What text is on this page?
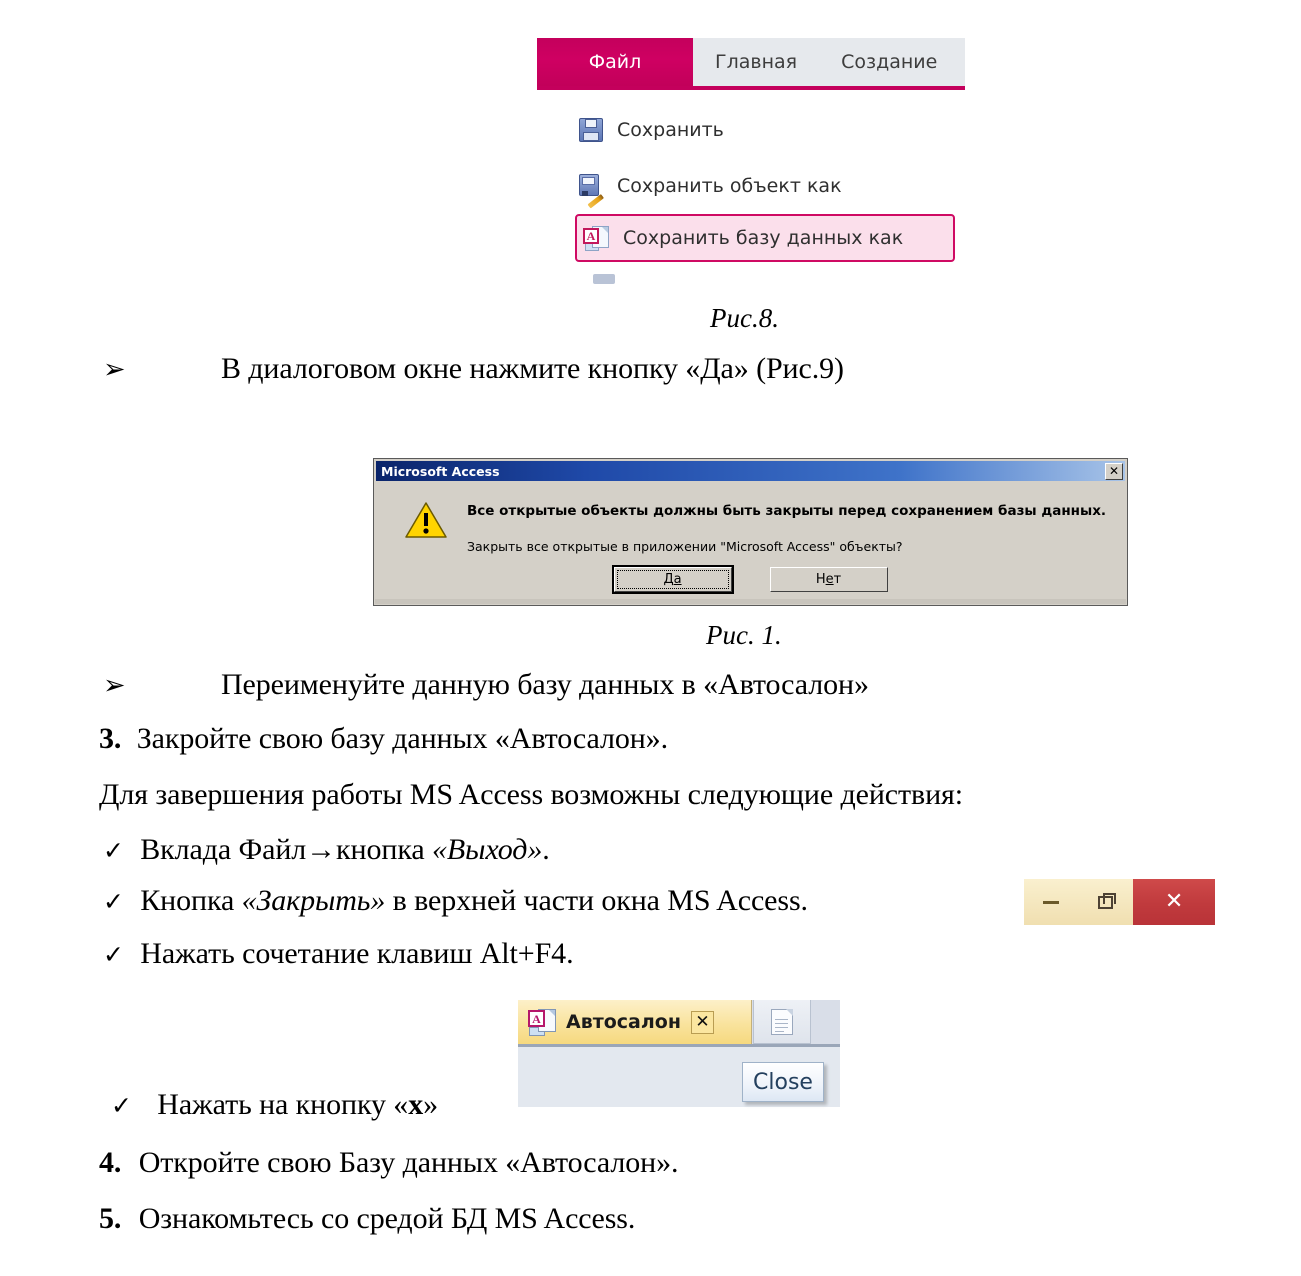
Файл	Главная Создание
Сохранить
Сохранить объект как
A Сохранить базу данных как
Рис.8.
➢	В диалоговом окне нажмите кнопку «Да» (Рис.9)
Microsoft Access	✕
Все открытые объекты должны быть закрыты перед сохранением базы данных.
Закрыть все открытые в приложении "Microsoft Access" объекты?
Д а	Н е т
Рис. 1.
➢	Переименуйте данную базу данных в «Автосалон»
3. Закройте свою базу данных «Автосалон».
Для завершения работы MS Access возможны следующие действия:
✓ Вклада Файл→кнопка «Выход».
✓ Кнопка «Закрыть» в верхней части окна MS Access.	✕
✓ Нажать сочетание клавиш Alt+F4.
A Автосалон ✕
Close
✓ Нажать на кнопку «x»
4. Откройте свою Базу данных «Автосалон».
5. Ознакомьтесь со средой БД MS Access.
